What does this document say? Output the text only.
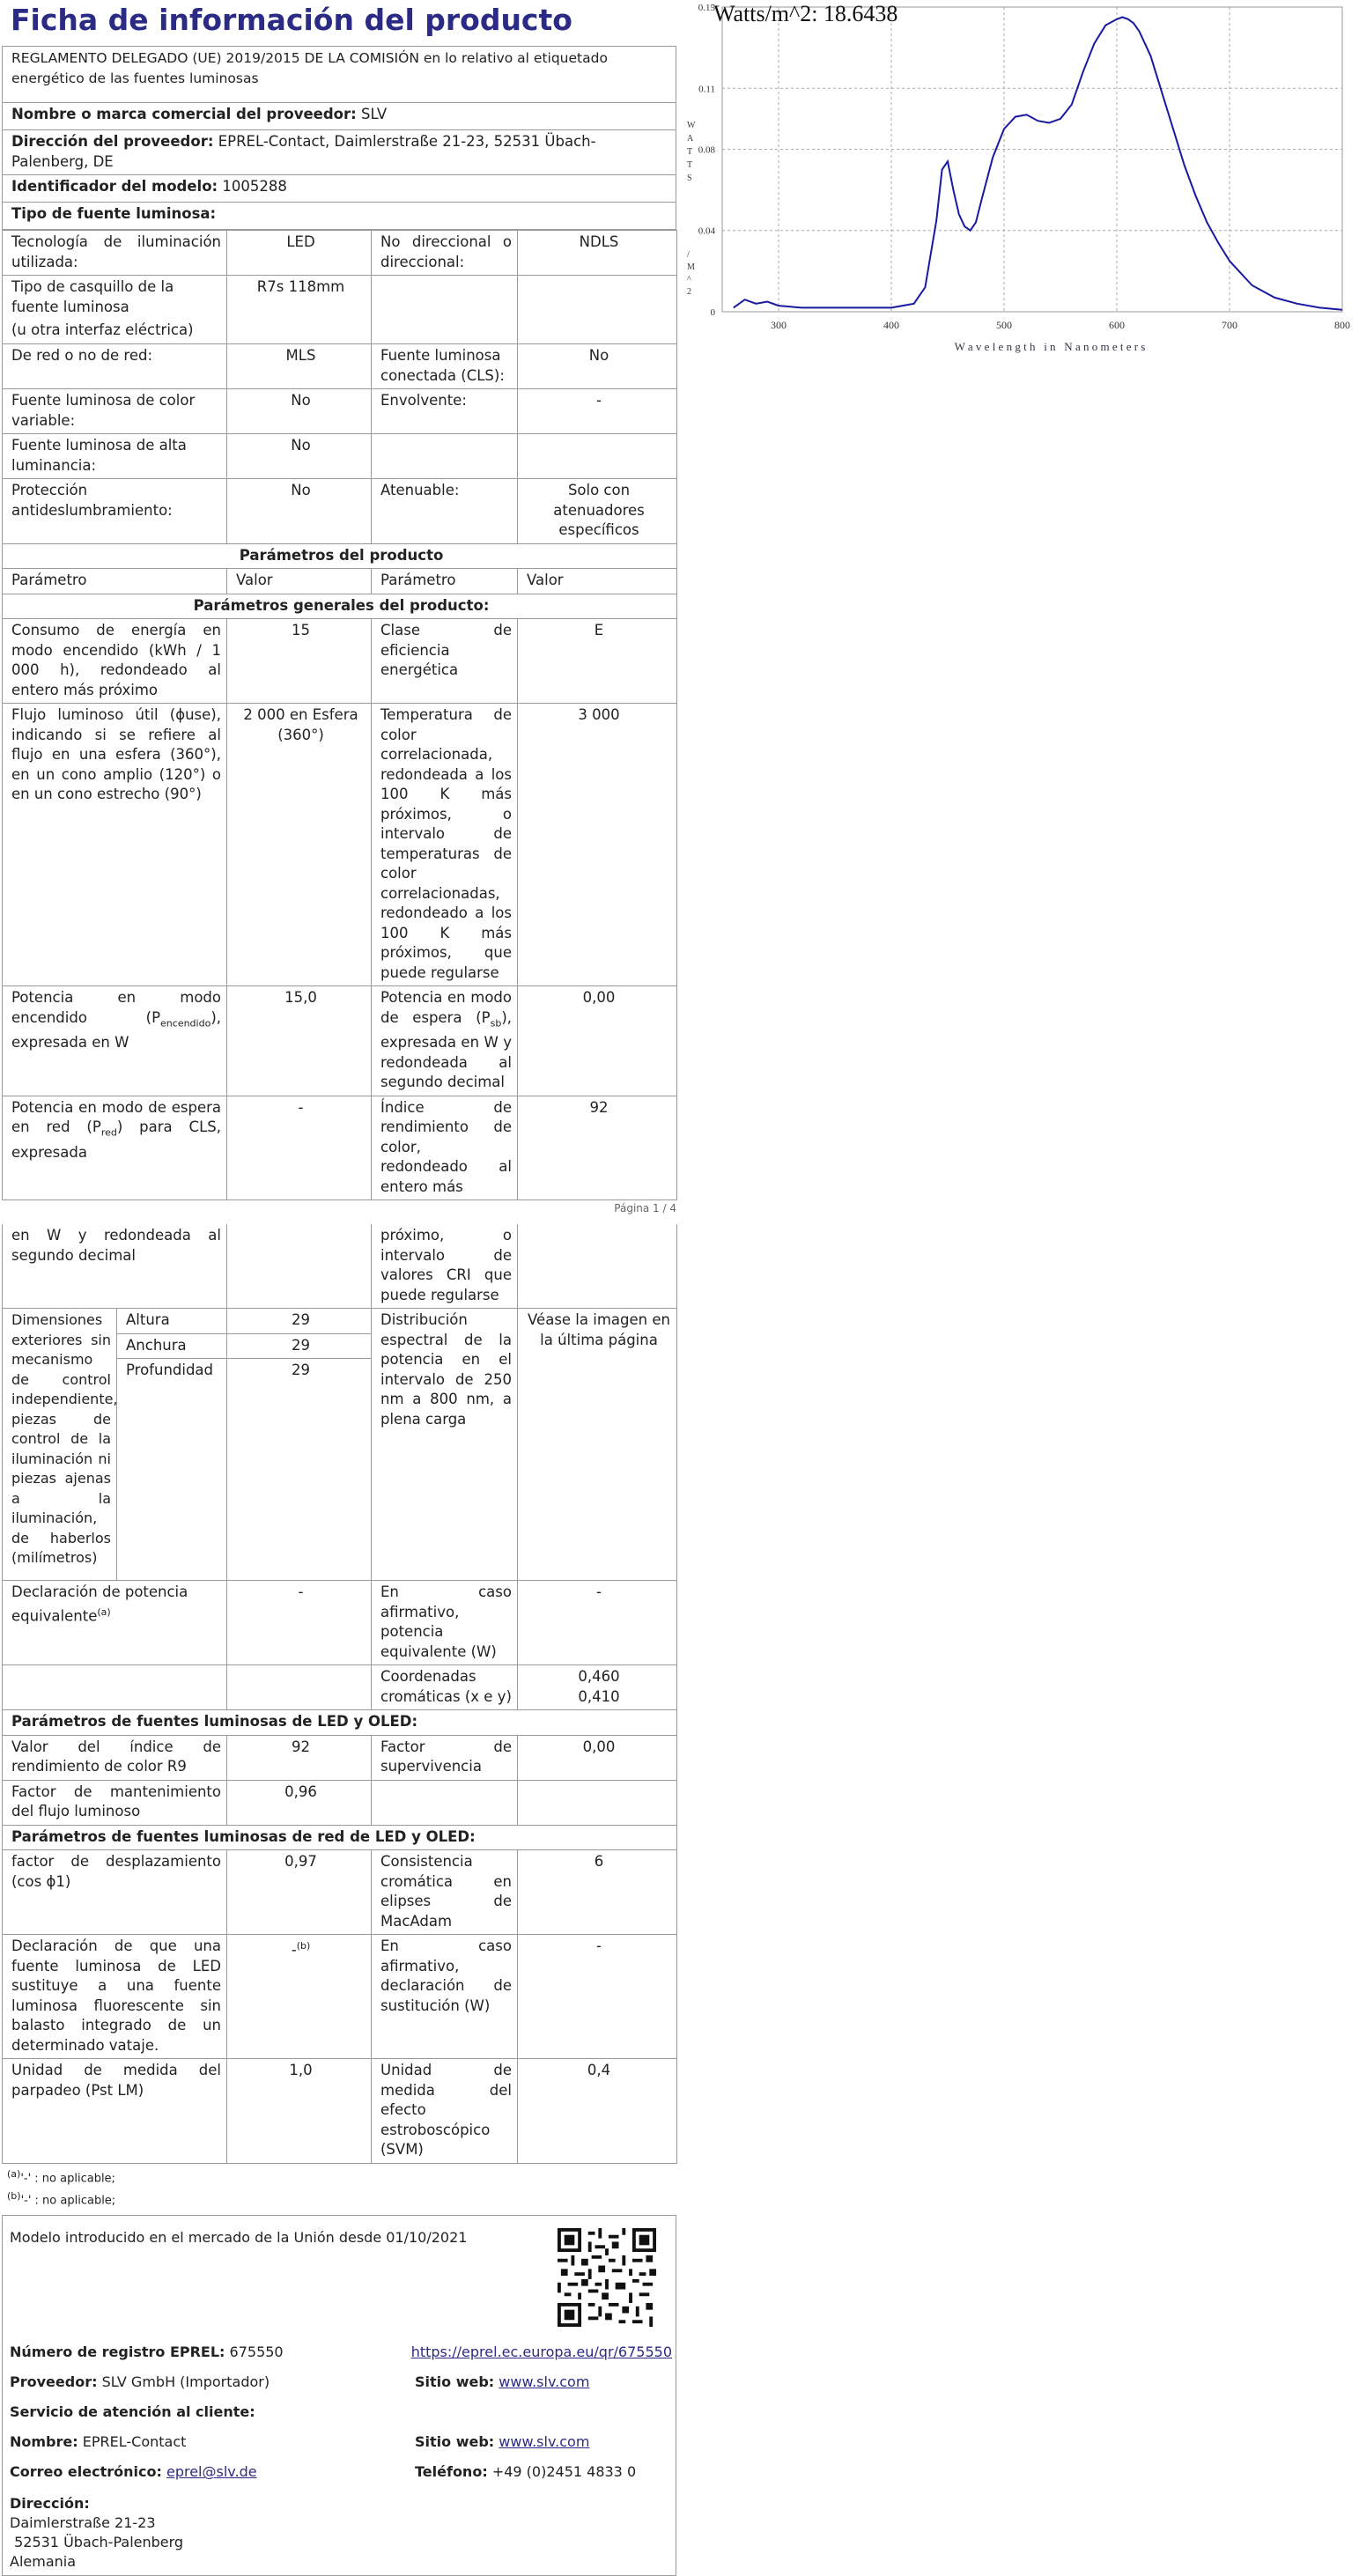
Ficha de información del producto
REGLAMENTO DELEGADO (UE) 2019/2015 DE LA COMISIÓN en lo relativo al etiquetado energético de las fuentes luminosas
Nombre o marca comercial del proveedor: SLV
Dirección del proveedor: EPREL-Contact, Daimlerstraße 21-23, 52531 Übach-Palenberg, DE
Identificador del modelo: 1005288
Tipo de fuente luminosa:
Tecnología de iluminación utilizada:	LED	No direccional o direccional:	NDLS

Tipo de casquillo de la fuente luminosa
(u otra interfaz eléctrica)	R7s 118mm		
De red o no de red:	MLS	Fuente luminosa conectada (CLS):	No
Fuente luminosa de color variable:	No	Envolvente:	-
Fuente luminosa de alta luminancia:	No		
Protección antideslumbramiento:	No	Atenuable:	Solo con atenuadores específicos
Parámetros del producto			
Parámetro	Valor	Parámetro	Valor
Parámetros generales del producto:			
Consumo de energía en modo encendido (kWh / 1 000 h), redondeado al entero más próximo	15	Clase de eficiencia energética	E
Flujo luminoso útil (ϕuse), indicando si se refiere al flujo en una esfera (360°), en un cono amplio (120°) o en un cono estrecho (90°)	2 000 en Esfera (360°)	Temperatura de color correlacionada, redondeada a los 100 K más próximos, o intervalo de temperaturas de color correlacionadas, redondeado a los 100 K más próximos, que puede regularse	3 000
Potencia en modo encendido $(P_{encendido})$, expresada en W	15,0	Potencia en modo de espera $(P_{sb})$, expresada en W y redondeada al segundo decimal	0,00
Potencia en modo de espera en red $(P_{red})$ para CLS, expresada	-	Índice de rendimiento de color, redondeado al entero más	92
Página 1 / 4
en W y redondeada al segundo decimal			próximo, o intervalo de valores CRI que puede regularse	
Dimensiones exteriores sin mecanismo de control independiente, piezas de control de la iluminación ni piezas ajenas a la iluminación, de haberlos (milímetros)	Altura	29	Distribución espectral de la potencia en el intervalo de 250 nm a 800 nm, a plena carga	Véase la imagen en la última página
	Anchura	29		
	Profundidad	29		
Declaración de potencia equivalente$^{(a)}$		-	En caso afirmativo, potencia equivalente (W)	-
			Coordenadas cromáticas (x e y)	0,460
0,410

Parámetros de fuentes luminosas de LED y OLED:				
Valor del índice de rendimiento de color R9		92	Factor de supervivencia	0,00
Factor de mantenimiento del flujo luminoso		0,96		
Parámetros de fuentes luminosas de red de LED y OLED:				
factor de desplazamiento (cos ϕ1)		0,97	Consistencia cromática en elipses de MacAdam	6
Declaración de que una fuente luminosa de LED sustituye a una fuente luminosa fluorescente sin balasto integrado de un determinado vataje.		-$^{(b)}$	En caso afirmativo, declaración de sustitución (W)	-
Unidad de medida del parpadeo (Pst LM)		1,0	Unidad de medida del efecto estroboscópico (SVM)	0,4
$^{(a)}$'-' : no aplicable;
$^{(b)}$'-' : no aplicable;
Modelo introducido en el mercado de la Unión desde 01/10/2021
Número de registro EPREL: 675550	https://eprel.ec.europa.eu/qr/675550
Proveedor: SLV GmbH (Importador)	Sitio web: www.slv.com
Servicio de atención al cliente:
Nombre: EPREL-Contact	Sitio web: www.slv.com
Correo electrónico: eprel@slv.de	Teléfono: +49 (0)2451 4833 0
Dirección:
Daimlerstraße 21-23
52531 Übach-Palenberg
Alemania
Watts/m^2: 18.6438
0
0.04
0.08
0.11
0.15
300	400	500	600	700	800
W a v e l e n g t h   i n   N a n o m e t e r s
W
A
T
T
S
/
M
^
2
